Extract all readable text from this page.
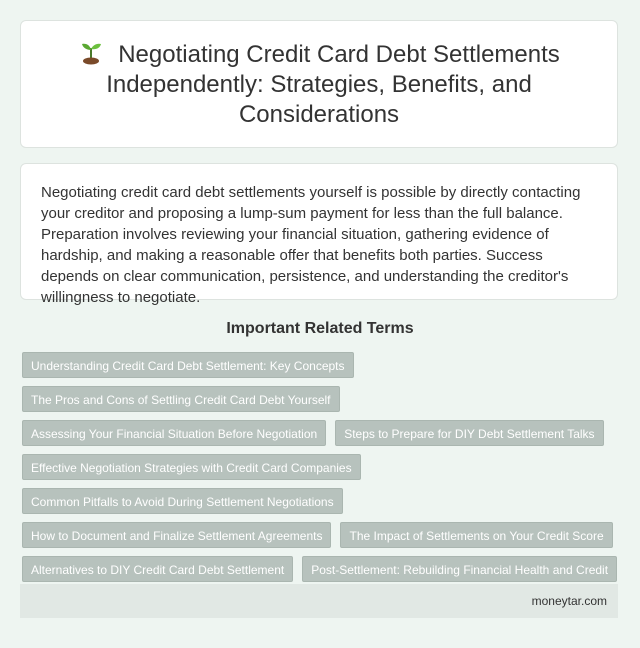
Negotiating Credit Card Debt Settlements Independently: Strategies, Benefits, and Considerations

Negotiating credit card debt settlements yourself is possible by directly contacting your creditor and proposing a lump-sum payment for less than the full balance. Preparation involves reviewing your financial situation, gathering evidence of hardship, and making a reasonable offer that benefits both parties. Success depends on clear communication, persistence, and understanding the creditor's willingness to negotiate.

Important Related Terms
Understanding Credit Card Debt Settlement: Key Concepts
The Pros and Cons of Settling Credit Card Debt Yourself
Assessing Your Financial Situation Before Negotiation	Steps to Prepare for DIY Debt Settlement Talks
Effective Negotiation Strategies with Credit Card Companies
Common Pitfalls to Avoid During Settlement Negotiations
How to Document and Finalize Settlement Agreements	The Impact of Settlements on Your Credit Score
Alternatives to DIY Credit Card Debt Settlement	Post-Settlement: Rebuilding Financial Health and Credit
moneytar.com
